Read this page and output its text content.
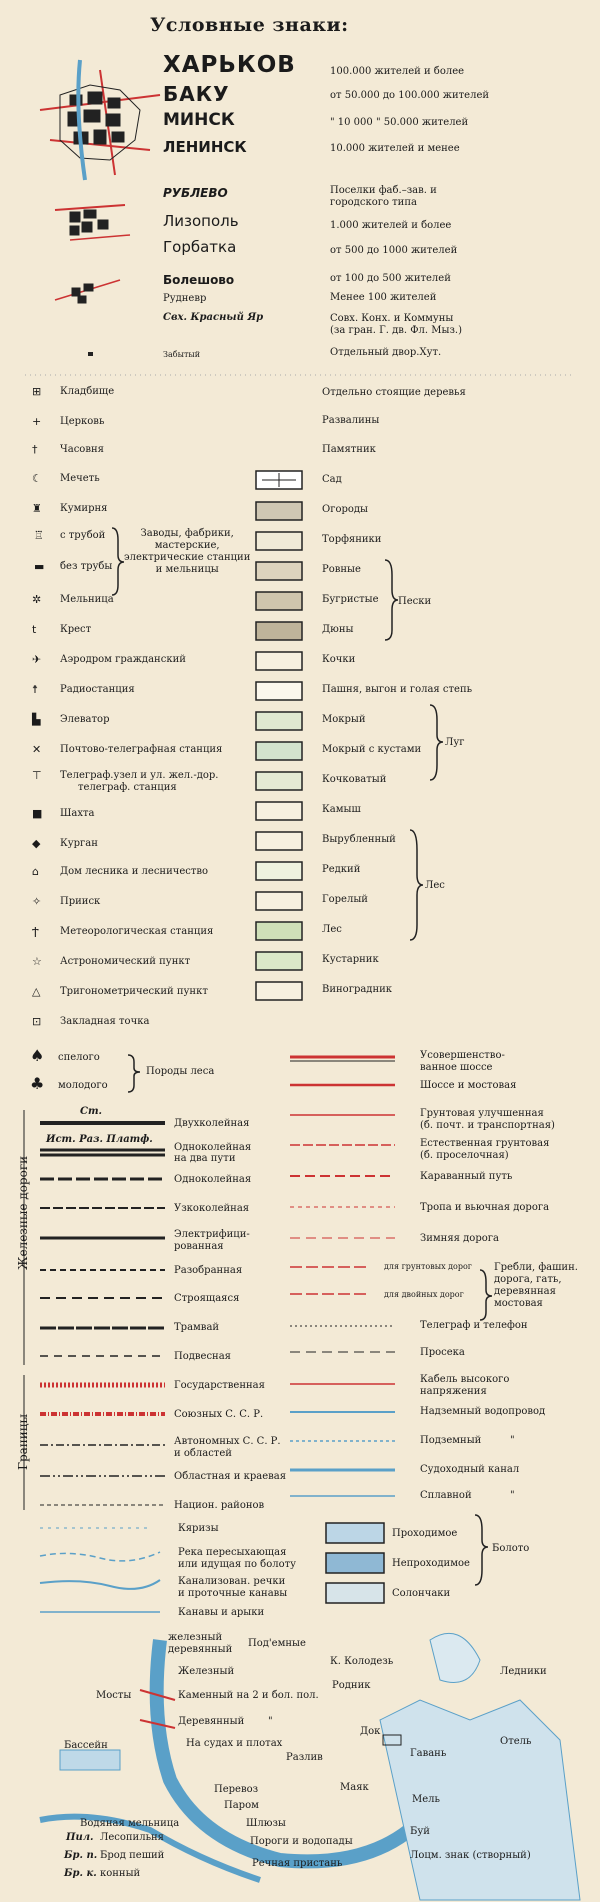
Условные знаки:
ХАРЬКОВ
БАКУ
МИНСК
ЛЕНИНСК
РУБЛЕВО
Лизополь
Горбатка
Болешово
Рудневр
Свх. Красный Яр
Забытый
100.000 жителей и более
от 50.000 до 100.000 жителей
" 10 000 " 50.000 жителей
10.000 жителей и менее
Поселки фаб.–зав. и
городского типа
1.000 жителей и более
от 500 до 1000 жителей
от 100 до 500 жителей
Менее 100 жителей
Совх. Конх. и Коммуны
(за гран. Г. дв. Фл. Мыз.)
Отдельный двор.Хут.
⊞ Кладбище
+ Церковь
† Часовня
☾ Мечеть
♜ Кумирня
♖ с трубой
▬ без трубы
✲ Мельница
t Крест
✈ Аэродром гражданский
☨ Радиостанция
▙ Элеватор
✕ Почтово-телеграфная станция
⊤ Телеграф.узел и ул. жел.-дор.
телеграф. станция
■ Шахта
◆ Курган
⌂ Дом лесника и лесничество
✧ Прииск
Ϯ Метеорологическая станция
☆ Астрономический пункт
△ Тригонометрический пункт
⊡ Закладная точка
Заводы, фабрики,
мастерские,
электрические станции
и мельницы
Отдельно стоящие деревья
Развалины
Памятник
Сад
Огороды
Торфяники
Ровные
Бугристые
Дюны
Кочки
Пашня, выгон и голая степь
Мокрый
Мокрый с кустами
Кочковатый
Камыш
Вырубленный
Редкий
Горелый
Лес
Кустарник
Виноградник
Пески
Луг
Лес
спелого
молодого
Породы леса
♠
♣
Железные дороги
Ст.
Ист. Раз. Платф.
Двухколейная
Одноколейная
на два пути
Одноколейная
Узкоколейная
Электрифици-
рованная
Разобранная
Строящаяся
Трамвай
Подвесная
Усовершенство-
ванное шоссе
Шоссе и мостовая
Грунтовая улучшенная
(б. почт. и транспортная)
Естественная грунтовая
(б. проселочная)
Караванный путь
Тропа и вьючная дорога
Зимняя дорога
для грунтовых дорог
для двойных дорог
Гребли, фашин.
дорога, гать,
деревянная
мостовая
Телеграф и телефон
Просека
Кабель высокого
напряжения
Надземный водопровод
Подземный	"
Судоходный канал
Сплавной	"
Границы
Государственная
Союзных С. С. Р.
Автономных С. С. Р.
и областей
Областная и краевая
Национ. районов
Кяризы
Река пересыхающая
или идущая по болоту
Канализован. речки
и проточные канавы
Канавы и арыки
Проходимое
Непроходимое
Солончаки
Болото
железный
деревянный
Под'емные
Железный
Каменный на 2 и бол. пол.
Деревянный "
На судах и плотах
Мосты
Бассейн
Разлив
Перевоз
Паром
Шлюзы
Пороги и водопады
Речная пристань
Водяная мельница
Лесопильня
Брод пеший
конный
К. Колодезь
Родник
Ледники
Док
Гавань
Отель
Маяк
Мель
Буй
Лоцм. знак (створный)
Пил.
Бр. п.
Бр. к.
